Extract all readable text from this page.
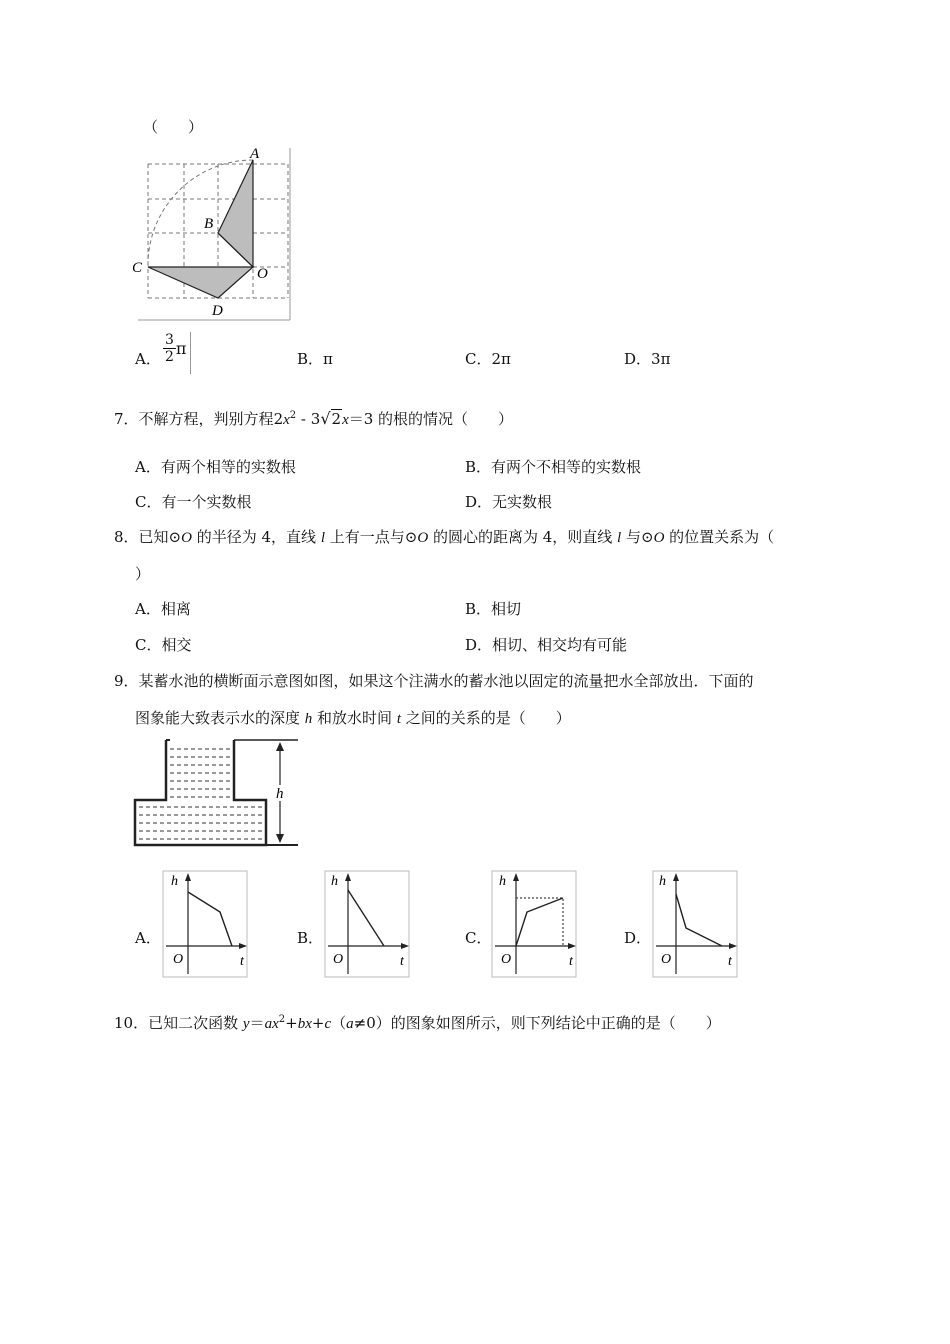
（　　）
A
B
C	O
D
A． $\frac{3}{2}$ π
B．π	C．2π	D．3π
7．不解方程，判别方程$2x^2 - 3√2x=3$ 的根的情况（　　）
A．有两个相等的实数根	B．有两个不相等的实数根
C．有一个实数根	D．无实数根
8．已知⊙O 的半径为 4，直线 l 上有一点与⊙O 的圆心的距离为 4，则直线 l 与⊙O 的位置关系为（
）
A．相离	B．相切
C．相交	D．相切、相交均有可能
9．某蓄水池的横断面示意图如图，如果这个注满水的蓄水池以固定的流量把水全部放出．下面的
图象能大致表示水的深度 h 和放水时间 t 之间的关系的是（　　）
h
A．
h
O	t
B．
h
O	t
C．
h
O	t
D．
h
O	t
10．已知二次函数 $y=ax^2+bx+c(a\ne 0)$的图象如图所示，则下列结论中正确的是（　　）
